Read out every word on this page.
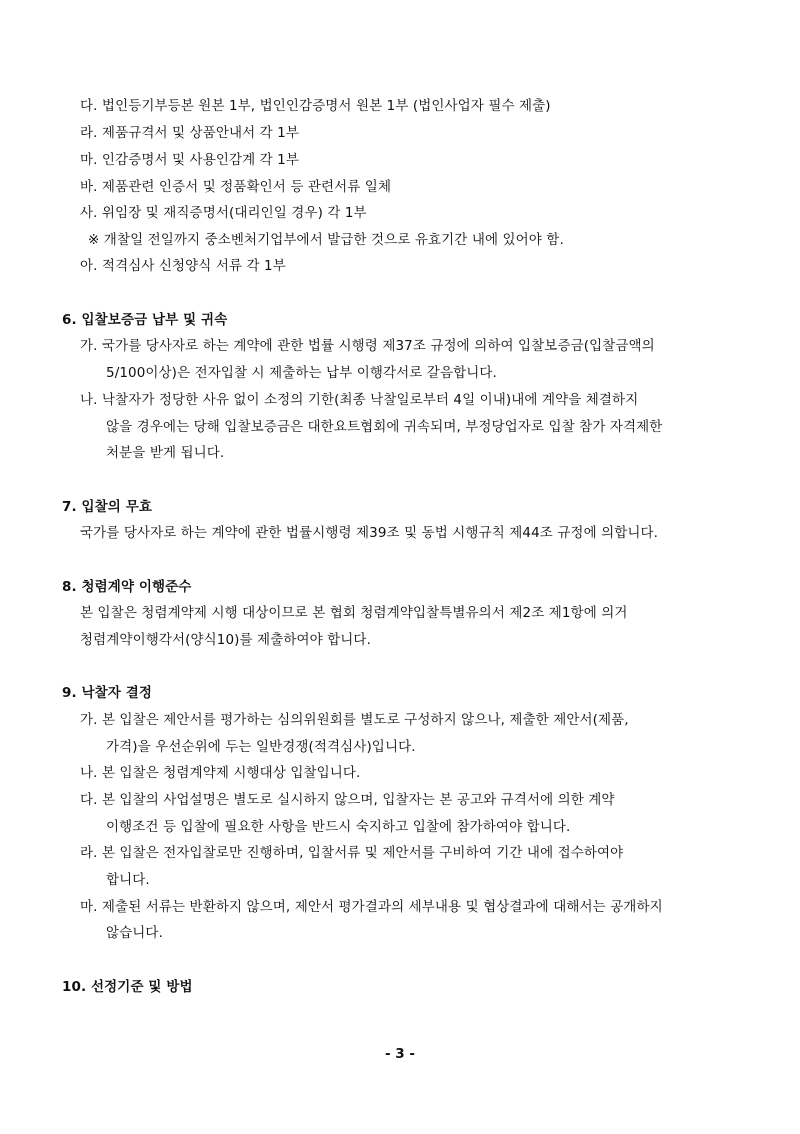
다. 법인등기부등본 원본 1부, 법인인감증명서 원본 1부 (법인사업자 필수 제출)
라. 제품규격서 및 상품안내서 각 1부
마. 인감증명서 및 사용인감계 각 1부
바. 제품관련 인증서 및 정품확인서 등 관련서류 일체
사. 위임장 및 재직증명서(대리인일 경우) 각 1부
※ 개찰일 전일까지 중소벤처기업부에서 발급한 것으로 유효기간 내에 있어야 함.
아. 적격심사 신청양식 서류 각 1부
6. 입찰보증금 납부 및 귀속
가. 국가를 당사자로 하는 계약에 관한 법률 시행령 제37조 규정에 의하여 입찰보증금(입찰금액의
5/100이상)은 전자입찰 시 제출하는 납부 이행각서로 갈음합니다.
나. 낙찰자가 정당한 사유 없이 소정의 기한(최종 낙찰일로부터 4일 이내)내에 계약을 체결하지
않을 경우에는 당해 입찰보증금은 대한요트협회에 귀속되며, 부정당업자로 입찰 참가 자격제한
처분을 받게 됩니다.
7. 입찰의 무효
국가를 당사자로 하는 계약에 관한 법률시행령 제39조 및 동법 시행규칙 제44조 규정에 의합니다.
8. 청렴계약 이행준수
본 입찰은 청렴계약제 시행 대상이므로 본 협회 청렴계약입찰특별유의서 제2조 제1항에 의거
청렴계약이행각서(양식10)를 제출하여야 합니다.
9. 낙찰자 결정
가. 본 입찰은 제안서를 평가하는 심의위원회를 별도로 구성하지 않으나, 제출한 제안서(제품,
가격)을 우선순위에 두는 일반경쟁(적격심사)입니다.
나. 본 입찰은 청렴계약제 시행대상 입찰입니다.
다. 본 입찰의 사업설명은 별도로 실시하지 않으며, 입찰자는 본 공고와 규격서에 의한 계약
이행조건 등 입찰에 필요한 사항을 반드시 숙지하고 입찰에 참가하여야 합니다.
라. 본 입찰은 전자입찰로만 진행하며, 입찰서류 및 제안서를 구비하여 기간 내에 접수하여야
합니다.
마. 제출된 서류는 반환하지 않으며, 제안서 평가결과의 세부내용 및 협상결과에 대해서는 공개하지
않습니다.
10. 선정기준 및 방법
- 3 -
